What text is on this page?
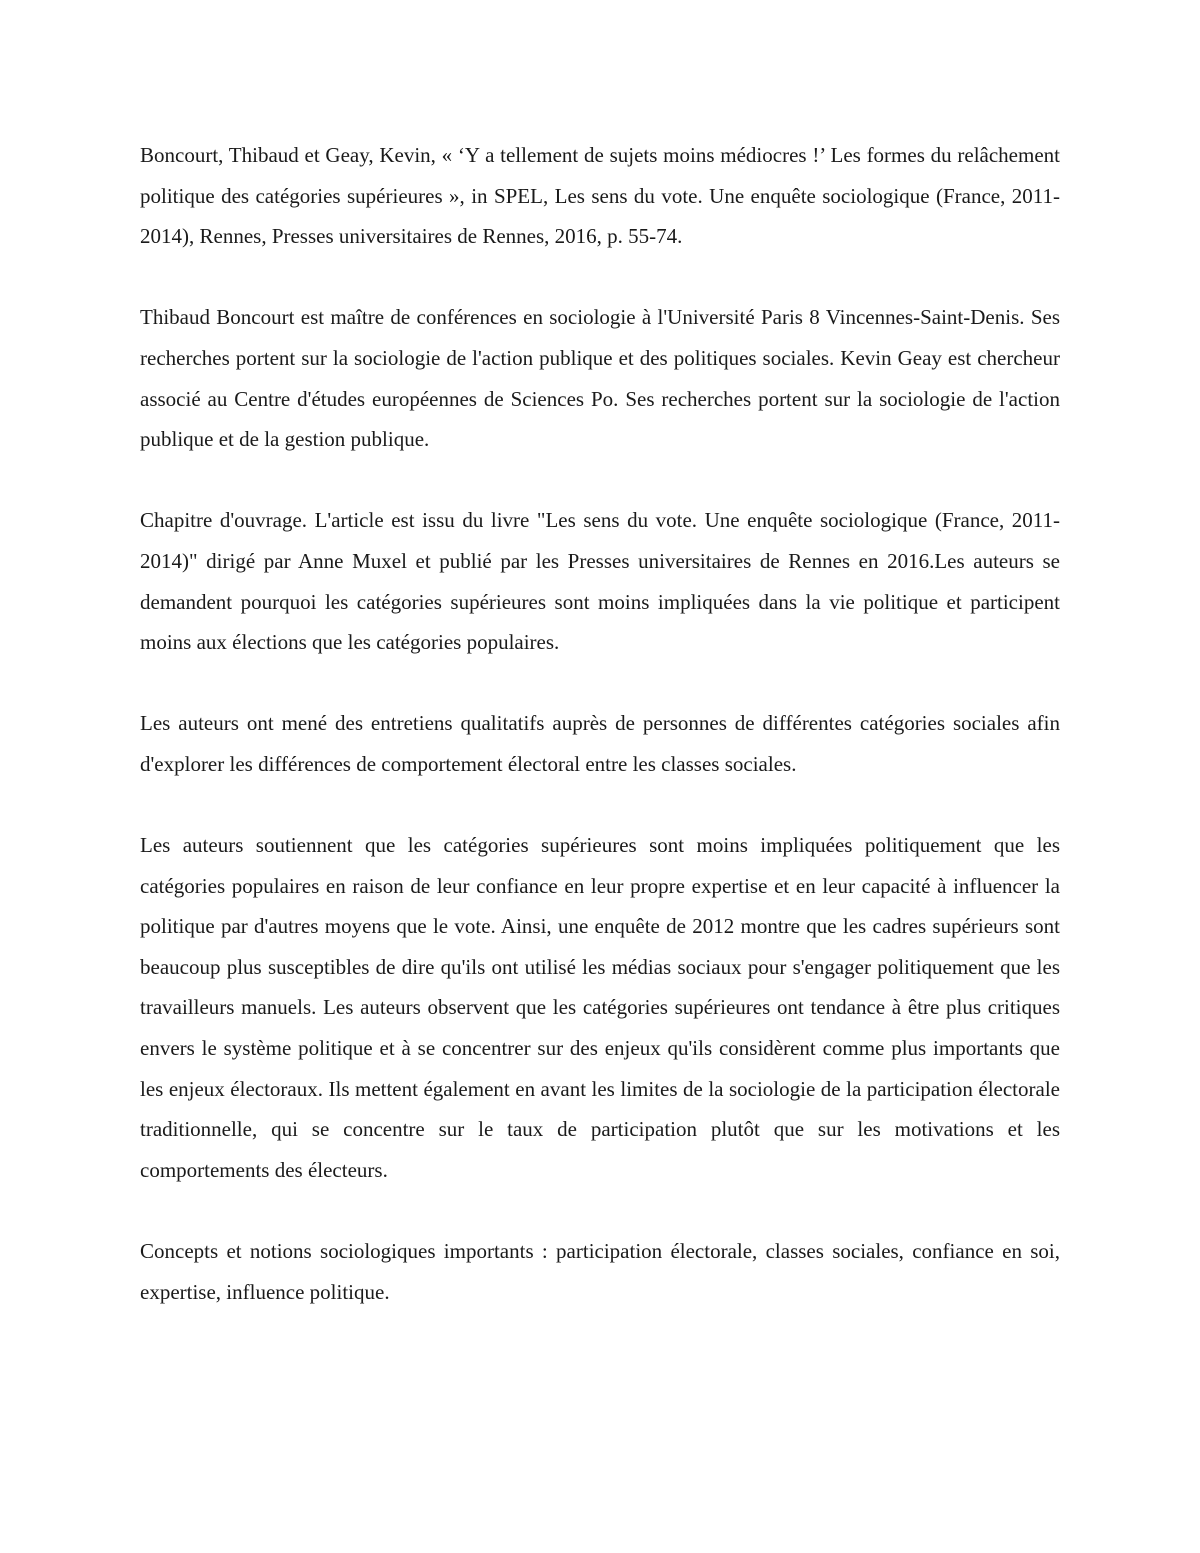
Boncourt, Thibaud et Geay, Kevin, « ‘Y a tellement de sujets moins médiocres !’ Les formes du relâchement politique des catégories supérieures », in SPEL, Les sens du vote. Une enquête sociologique (France, 2011-2014), Rennes, Presses universitaires de Rennes, 2016, p. 55-74.

Thibaud Boncourt est maître de conférences en sociologie à l'Université Paris 8 Vincennes-Saint-Denis. Ses recherches portent sur la sociologie de l'action publique et des politiques sociales. Kevin Geay est chercheur associé au Centre d'études européennes de Sciences Po. Ses recherches portent sur la sociologie de l'action publique et de la gestion publique.

Chapitre d'ouvrage. L'article est issu du livre "Les sens du vote. Une enquête sociologique (France, 2011-2014)" dirigé par Anne Muxel et publié par les Presses universitaires de Rennes en 2016.Les auteurs se demandent pourquoi les catégories supérieures sont moins impliquées dans la vie politique et participent moins aux élections que les catégories populaires.

Les auteurs ont mené des entretiens qualitatifs auprès de personnes de différentes catégories sociales afin d'explorer les différences de comportement électoral entre les classes sociales.

Les auteurs soutiennent que les catégories supérieures sont moins impliquées politiquement que les catégories populaires en raison de leur confiance en leur propre expertise et en leur capacité à influencer la politique par d'autres moyens que le vote. Ainsi, une enquête de 2012 montre que les cadres supérieurs sont beaucoup plus susceptibles de dire qu'ils ont utilisé les médias sociaux pour s'engager politiquement que les travailleurs manuels. Les auteurs observent que les catégories supérieures ont tendance à être plus critiques envers le système politique et à se concentrer sur des enjeux qu'ils considèrent comme plus importants que les enjeux électoraux. Ils mettent également en avant les limites de la sociologie de la participation électorale traditionnelle, qui se concentre sur le taux de participation plutôt que sur les motivations et les comportements des électeurs.

Concepts et notions sociologiques importants : participation électorale, classes sociales, confiance en soi, expertise, influence politique.
